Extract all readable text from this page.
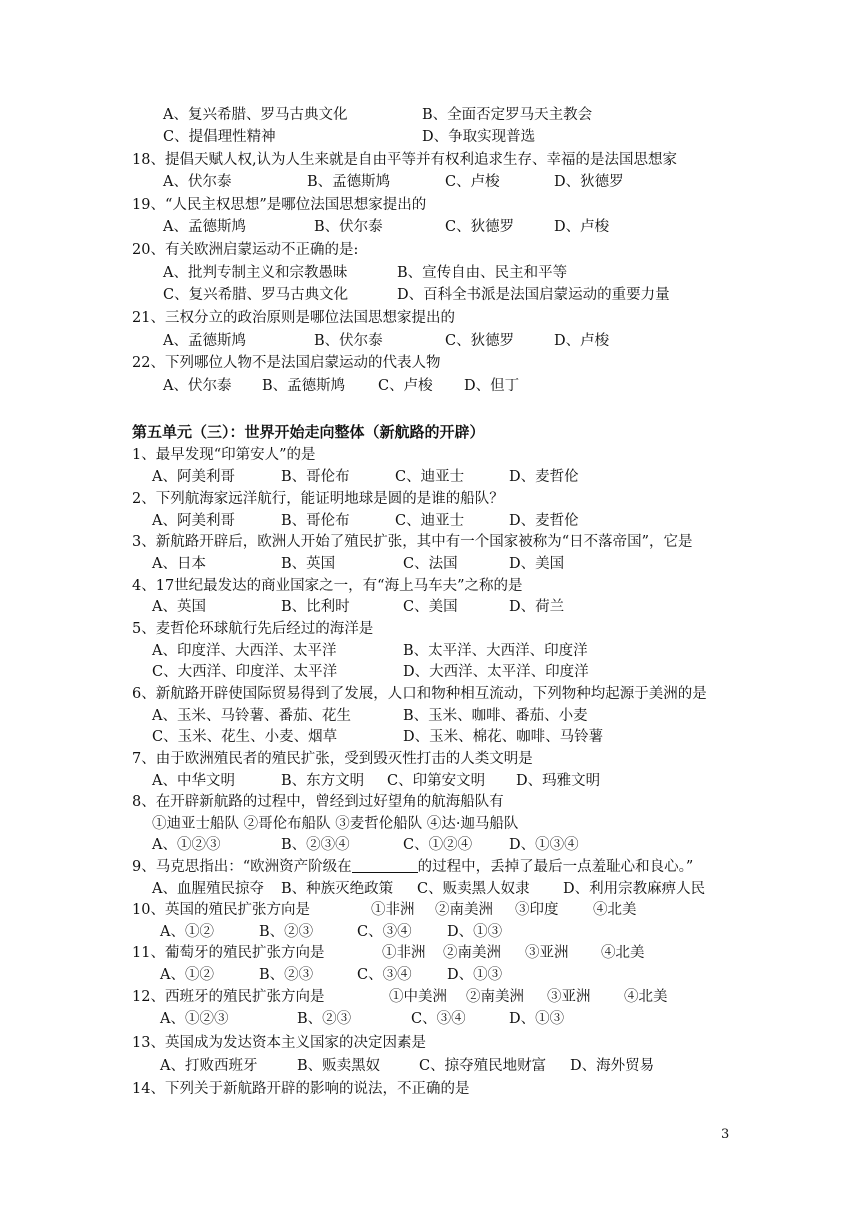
A、复兴希腊、罗马古典文化	B、全面否定罗马天主教会
C、提倡理性精神	D、争取实现普选
18、提倡天赋人权,认为人生来就是自由平等并有权利追求生存、幸福的是法国思想家
A、伏尔泰	B、孟德斯鸠	C、卢梭	D、狄德罗
19、“人民主权思想”是哪位法国思想家提出的
A、孟德斯鸠	B、伏尔泰	C、狄德罗	D、卢梭
20、有关欧洲启蒙运动不正确的是:
A、批判专制主义和宗教愚昧	B、宣传自由、民主和平等
C、复兴希腊、罗马古典文化	D、百科全书派是法国启蒙运动的重要力量
21、三权分立的政治原则是哪位法国思想家提出的
A、孟德斯鸠	B、伏尔泰	C、狄德罗	D、卢梭
22、下列哪位人物不是法国启蒙运动的代表人物
A、伏尔泰 B、孟德斯鸠 C、卢梭 D、但丁
第五单元（三）：世界开始走向整体（新航路的开辟）
1、最早发现“印第安人”的是
A、阿美利哥	B、哥伦布	C、迪亚士	D、麦哲伦
2、下列航海家远洋航行，能证明地球是圆的是谁的船队？
A、阿美利哥	B、哥伦布	C、迪亚士	D、麦哲伦
3、新航路开辟后，欧洲人开始了殖民扩张，其中有一个国家被称为“日不落帝国”，它是
A、日本	B、英国	C、法国	D、美国
4、17世纪最发达的商业国家之一，有“海上马车夫”之称的是
A、英国	B、比利时	C、美国	D、荷兰
5、麦哲伦环球航行先后经过的海洋是
A、印度洋、大西洋、太平洋	B、太平洋、大西洋、印度洋
C、大西洋、印度洋、太平洋	D、大西洋、太平洋、印度洋
6、新航路开辟使国际贸易得到了发展，人口和物种相互流动，下列物种均起源于美洲的是
A、玉米、马铃薯、番茄、花生	B、玉米、咖啡、番茄、小麦
C、玉米、花生、小麦、烟草	D、玉米、棉花、咖啡、马铃薯
7、由于欧洲殖民者的殖民扩张，受到毁灭性打击的人类文明是
A、中华文明	B、东方文明 C、印第安文明 D、玛雅文明
8、在开辟新航路的过程中，曾经到过好望角的航海船队有
①迪亚士船队 ②哥伦布船队 ③麦哲伦船队 ④达·迦马船队
A、①②③	B、②③④	C、①②④	D、①③④
9、马克思指出：“欧洲资产阶级在	的过程中，丢掉了最后一点羞耻心和良心。”
A、血腥殖民掠夺 B、种族灭绝政策 C、贩卖黑人奴隶 D、利用宗教麻痹人民
10、英国的殖民扩张方向是	①非洲 ②南美洲 ③印度 ④北美
A、①②	B、②③	C、③④ D、①③
11、葡萄牙的殖民扩张方向是	①非洲 ②南美洲 ③亚洲 ④北美
A、①②	B、②③	C、③④ D、①③
12、西班牙的殖民扩张方向是	①中美洲 ②南美洲 ③亚洲 ④北美
A、①②③	B、②③	C、③④	D、①③
13、英国成为发达资本主义国家的决定因素是
A、打败西班牙	B、贩卖黑奴	C、掠夺殖民地财富 D、海外贸易
14、下列关于新航路开辟的影响的说法，不正确的是
3
